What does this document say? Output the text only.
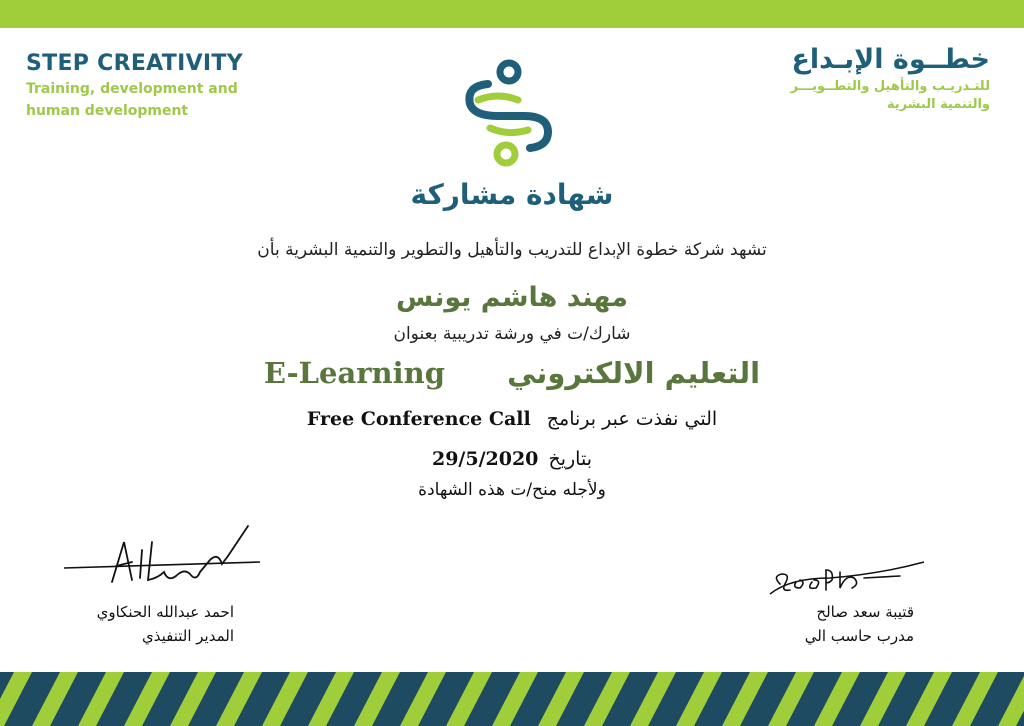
STEP CREATIVITY
Training, development and
human development
خطــوة الإبـداع
للتـدريـب والتأهيل والتطــويـــر
والتنمية البشرية
شهادة مشاركة
تشهد شركة خطوة الإبداع للتدريب والتأهيل والتطوير والتنمية البشرية بأن
مهند هاشم يونس
شارك/ت في ورشة تدريبية بعنوان
التعليم الالكتروني E-Learning
التي نفذت عبر برنامج Free Conference Call
بتاريخ 29/5/2020
ولأجله منح/ت هذه الشهادة
احمد عبدالله الحنكاوي
المدير التنفيذي
قتيبة سعد صالح
مدرب حاسب الي
